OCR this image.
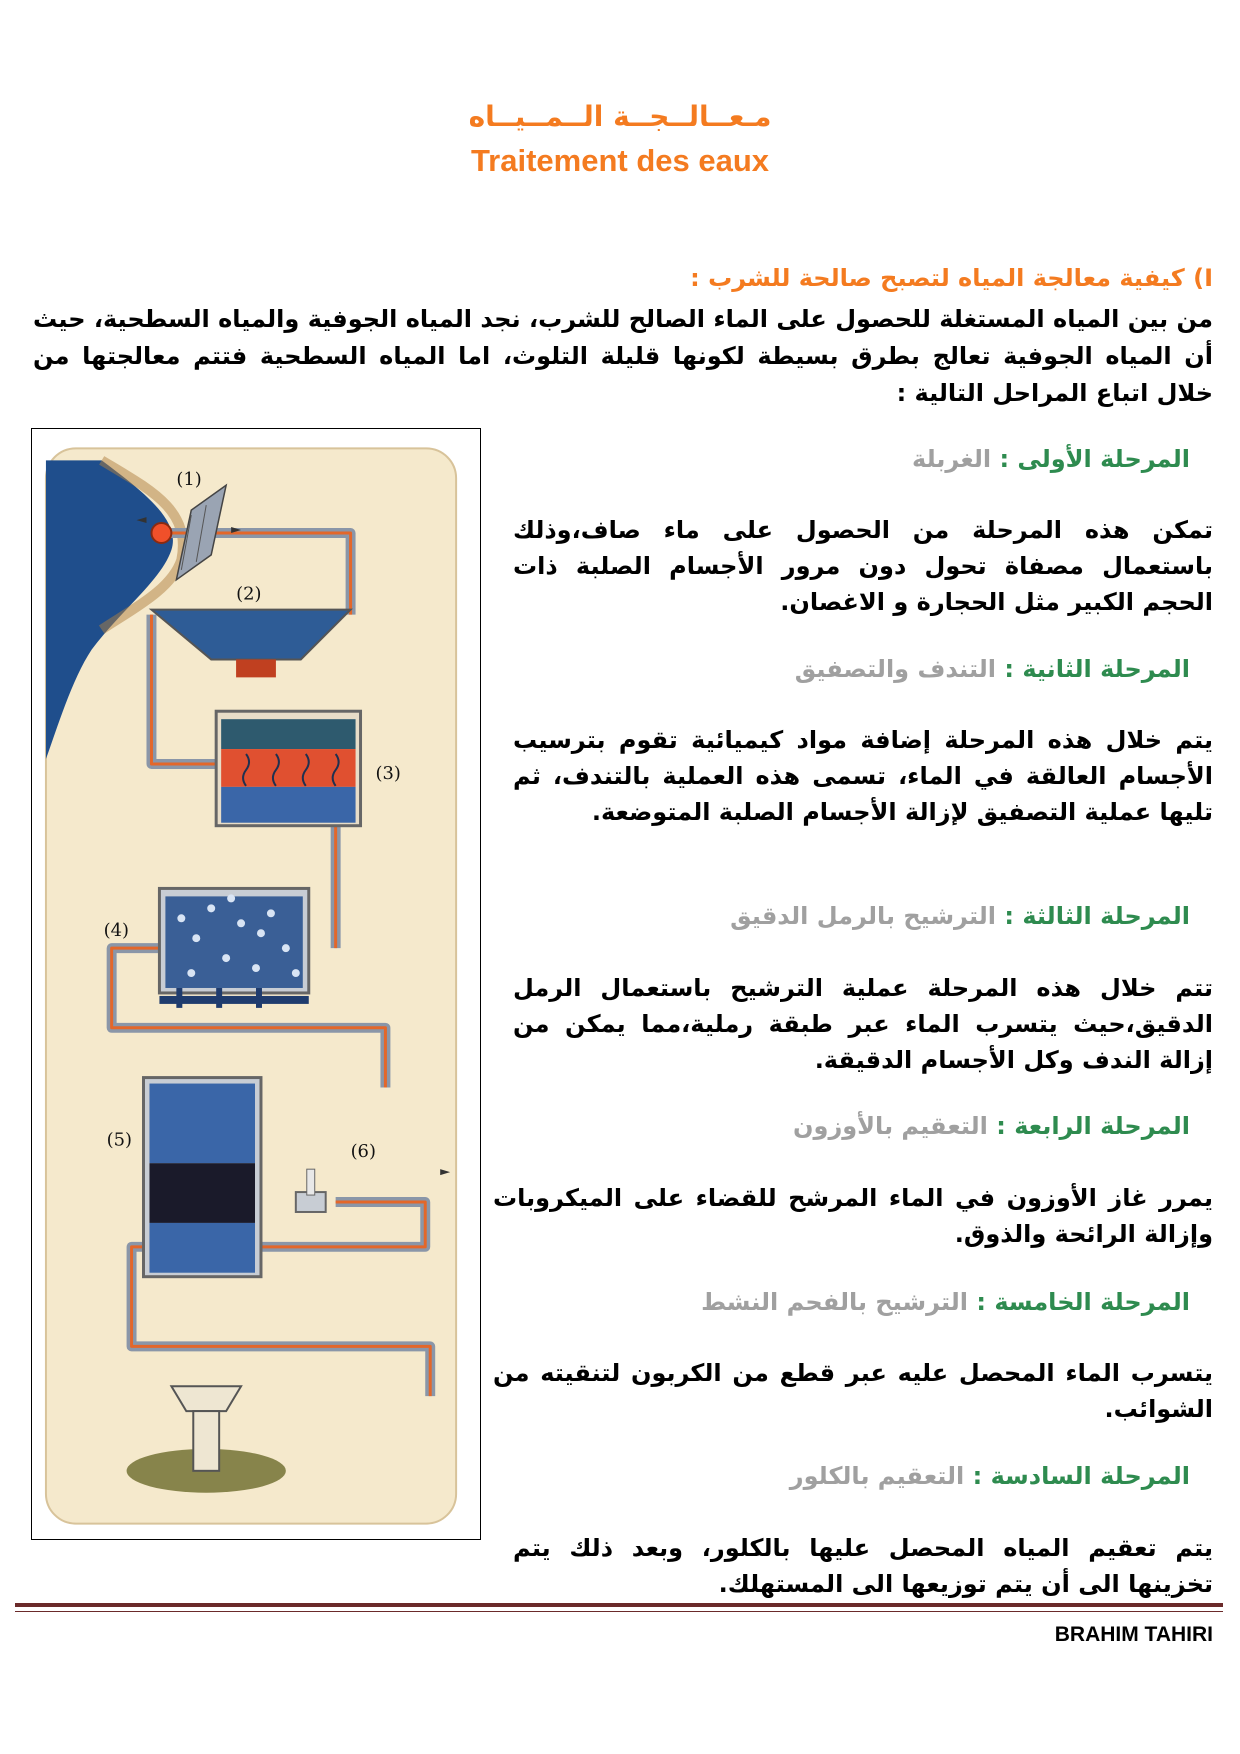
مـعــالــجــة الــمــيــاه
Traitement des eaux
I) كيفية معالجة المياه لتصبح صالحة للشرب :
من بين المياه المستغلة للحصول على الماء الصالح للشرب، نجد المياه الجوفية والمياه السطحية، حيث أن المياه الجوفية تعالج بطرق بسيطة لكونها قليلة التلوث، اما المياه السطحية فتتم معالجتها من خلال اتباع المراحل التالية :
(1)
(2)
(3)
(4)
(5)
(6)
المرحلة الأولى : الغربلة
تمكن هذه المرحلة من الحصول على ماء صاف،وذلك باستعمال مصفاة تحول دون مرور الأجسام الصلبة ذات الحجم الكبير مثل الحجارة و الاغصان.
المرحلة الثانية : التندف والتصفيق
يتم خلال هذه المرحلة إضافة مواد كيميائية تقوم بترسيب الأجسام العالقة في الماء، تسمى هذه العملية بالتندف، ثم تليها عملية التصفيق لإزالة الأجسام الصلبة المتوضعة.
المرحلة الثالثة : الترشيح بالرمل الدقيق
تتم خلال هذه المرحلة عملية الترشيح باستعمال الرمل الدقيق،حيث يتسرب الماء عبر طبقة رملية،مما يمكن من إزالة الندف وكل الأجسام الدقيقة.
المرحلة الرابعة : التعقيم بالأوزون
يمرر غاز الأوزون في الماء المرشح للقضاء على الميكروبات وإزالة الرائحة والذوق.
المرحلة الخامسة : الترشيح بالفحم النشط
يتسرب الماء المحصل عليه عبر قطع من الكربون لتنقيته من الشوائب.
المرحلة السادسة : التعقيم بالكلور
يتم تعقيم المياه المحصل عليها بالكلور، وبعد ذلك يتم تخزينها الى أن يتم توزيعها الى المستهلك.
BRAHIM TAHIRI
